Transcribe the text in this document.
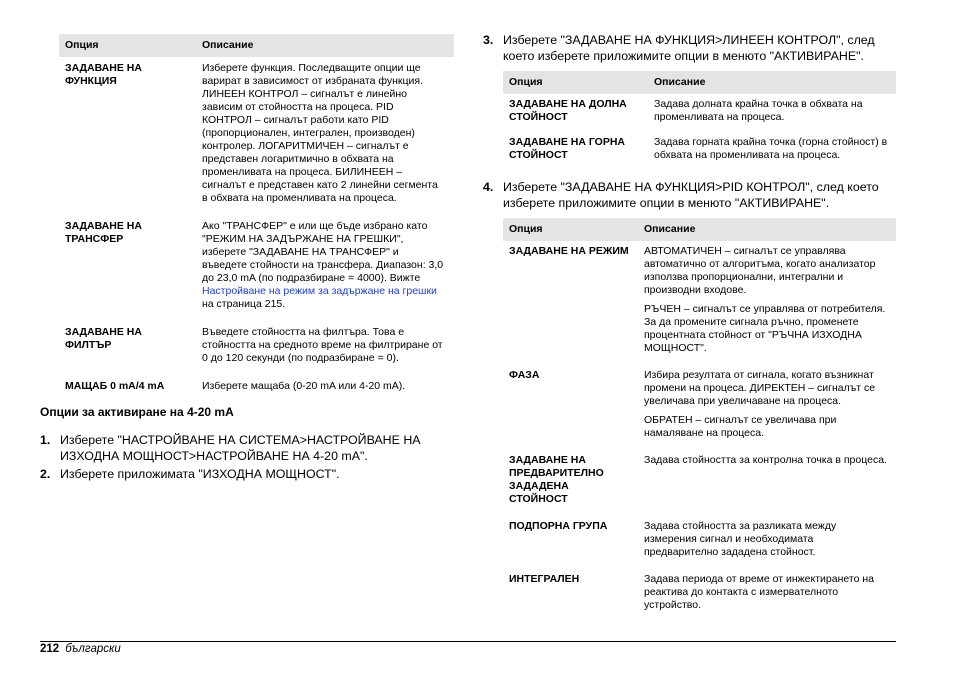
Опция	Описание
ЗАДАВАНЕ НА ФУНКЦИЯ	Изберете функция. Последващите опции ще варират в зависимост от избраната функция. ЛИНЕЕН КОНТРОЛ – сигналът е линейно зависим от стойността на процеса. PID КОНТРОЛ – сигналът работи като PID (пропорционален, интегрален, производен) контролер. ЛОГАРИТМИЧЕН – сигналът е представен логаритмично в обхвата на променливата на процеса. БИЛИНЕЕН – сигналът е представен като 2 линейни сегмента в обхвата на променливата на процеса.
ЗАДАВАНЕ НА ТРАНСФЕР	Ако "ТРАНСФЕР" е или ще бъде избрано като "РЕЖИМ НА ЗАДЪРЖАНЕ НА ГРЕШКИ", изберете "ЗАДАВАНЕ НА ТРАНСФЕР" и въведете стойности на трансфера. Диапазон: 3,0 до 23,0 mA (по подразбиране = 4000). Вижте Настройване на режим за задържане на грешки на страница 215.
ЗАДАВАНЕ НА ФИЛТЪР	Въведете стойността на филтъра. Това е стойността на средното време на филтриране от 0 до 120 секунди (по подразбиране = 0).
МАЩАБ 0 mA/4 mA	Изберете мащаба (0-20 mA или 4-20 mA).
Опции за активиране на 4-20 mA
1. Изберете "НАСТРОЙВАНЕ НА СИСТЕМА>НАСТРОЙВАНЕ НА ИЗХОДНА МОЩНОСТ>НАСТРОЙВАНЕ НА 4-20 mA".
2. Изберете приложимата "ИЗХОДНА МОЩНОСТ".
3. Изберете "ЗАДАВАНЕ НА ФУНКЦИЯ>ЛИНЕЕН КОНТРОЛ", след което изберете приложимите опции в менюто "АКТИВИРАНЕ".
Опция	Описание
ЗАДАВАНЕ НА ДОЛНА СТОЙНОСТ	Задава долната крайна точка в обхвата на променливата на процеса.
ЗАДАВАНЕ НА ГОРНА СТОЙНОСТ	Задава горната крайна точка (горна стойност) в обхвата на променливата на процеса.
4. Изберете "ЗАДАВАНЕ НА ФУНКЦИЯ>PID КОНТРОЛ", след което изберете приложимите опции в менюто "АКТИВИРАНЕ".
Опция	Описание
ЗАДАВАНЕ НА РЕЖИМ	АВТОМАТИЧЕН – сигналът се управлява автоматично от алгоритъма, когато анализатор използва пропорционални, интегрални и производни входове.

РЪЧЕН – сигналът се управлява от потребителя. За да промените сигнала ръчно, променете процентната стойност от "РЪЧНА ИЗХОДНА МОЩНОСТ".

ФАЗА	Избира резултата от сигнала, когато възникнат промени на процеса. ДИРЕКТЕН – сигналът се увеличава при увеличаване на процеса.

ОБРАТЕН – сигналът се увеличава при намаляване на процеса.

ЗАДАВАНЕ НА ПРЕДВАРИТЕЛНО ЗАДАДЕНА СТОЙНОСТ	Задава стойността за контролна точка в процеса.
ПОДПОРНА ГРУПА	Задава стойността за разликата между измерения сигнал и необходимата предварително зададена стойност.
ИНТЕГРАЛЕН	Задава периода от време от инжектирането на реактива до контакта с измервателното устройство.
212 български
